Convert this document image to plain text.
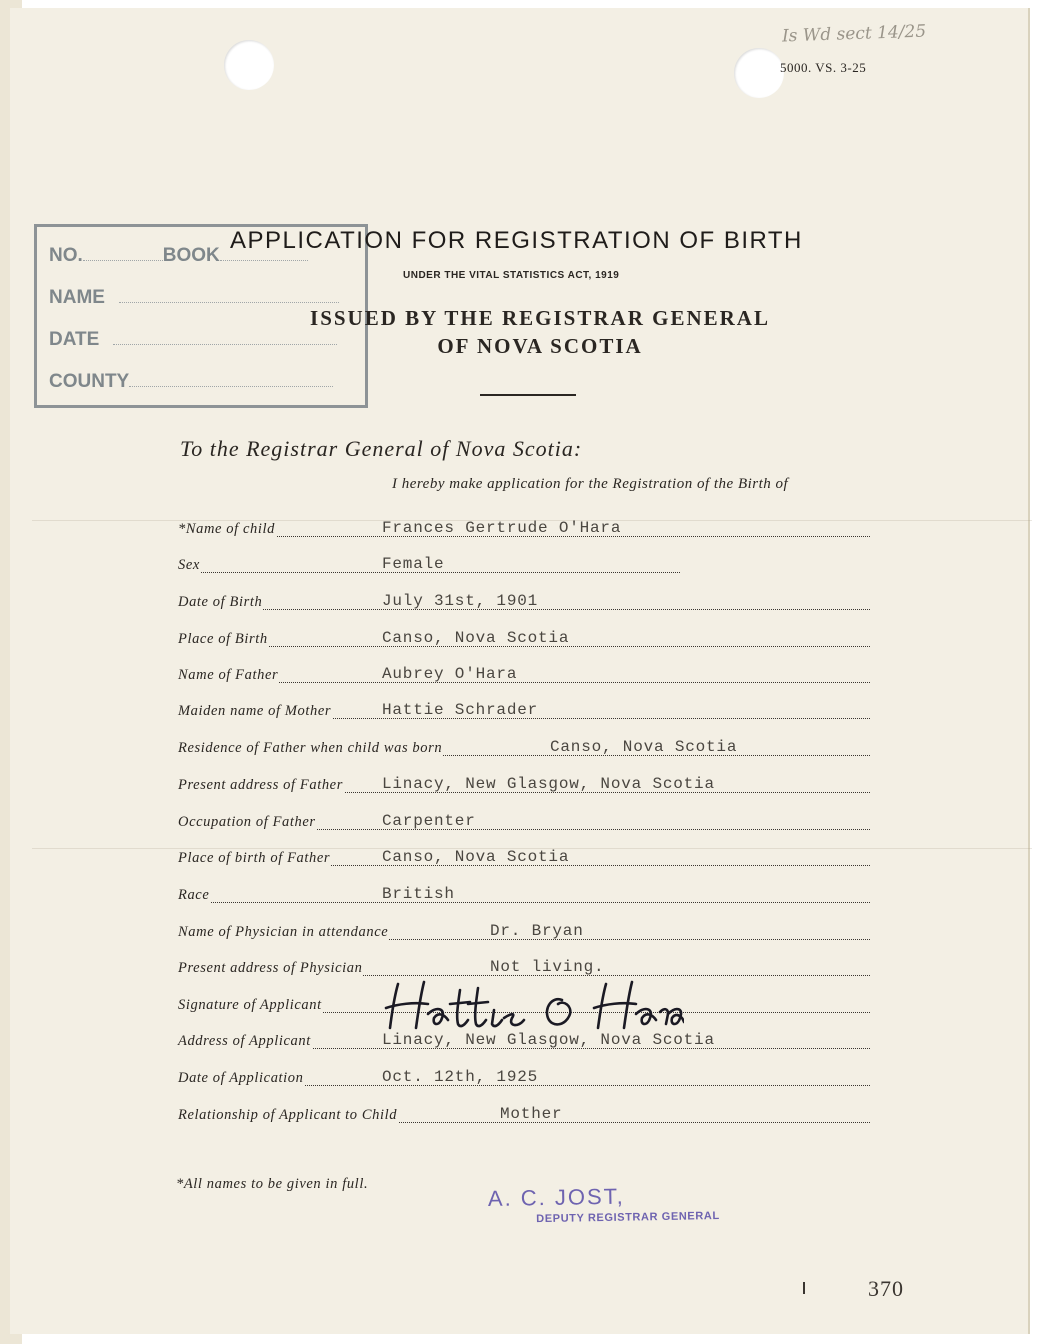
Is Wd sect 14/25
5000. VS. 3-25
NO.	BOOK
NAME
DATE
COUNTY
APPLICATION FOR REGISTRATION OF BIRTH
UNDER THE VITAL STATISTICS ACT, 1919
ISSUED BY THE REGISTRAR GENERAL
OF NOVA SCOTIA
To the Registrar General of Nova Scotia:
I hereby make application for the Registration of the Birth of
*Name of child	Frances Gertrude O'Hara
Sex	Female
Date of Birth	July 31st, 1901
Place of Birth	Canso, Nova Scotia
Name of Father	Aubrey O'Hara
Maiden name of Mother	Hattie Schrader
Residence of Father when child was born	Canso, Nova Scotia
Present address of Father Linacy, New Glasgow, Nova Scotia
Occupation of Father	Carpenter
Place of birth of Father	Canso, Nova Scotia
Race	British
Name of Physician in attendance	Dr. Bryan
Present address of Physician	Not living.
Signature of Applicant
Address of Applicant	Linacy, New Glasgow, Nova Scotia
Date of Application	Oct. 12th, 1925
Relationship of Applicant to Child	Mother
*All names to be given in full.	A. C. JOST,
DEPUTY REGISTRAR GENERAL
370
